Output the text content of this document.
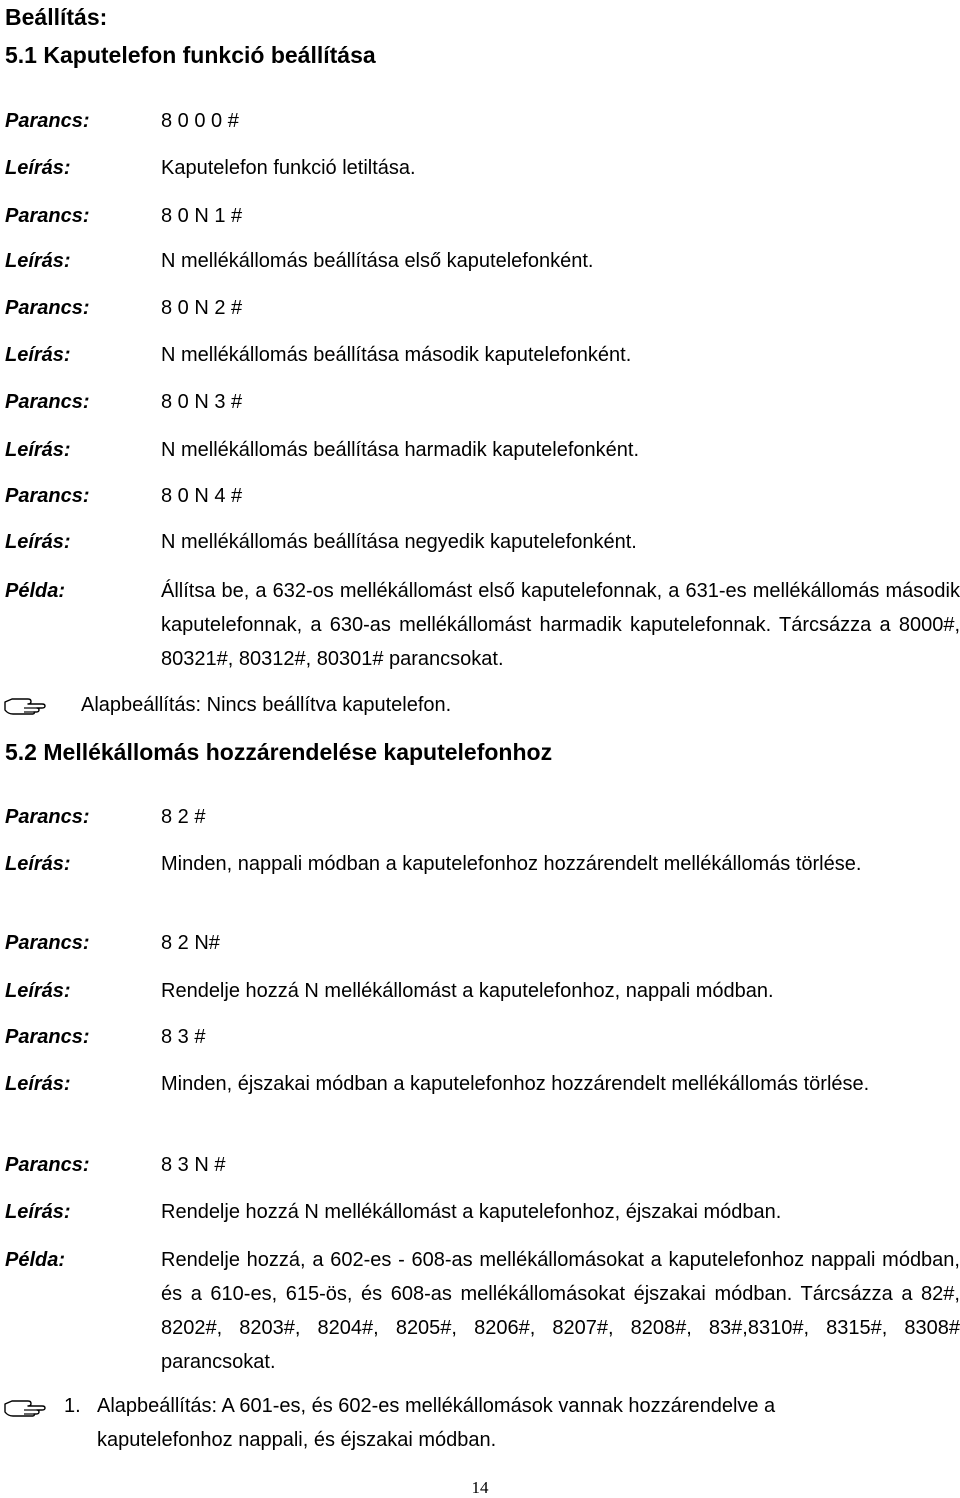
Beállítás:
5.1 Kaputelefon funkció beállítása
Parancs:	8 0 0 0 #
Leírás:	Kaputelefon funkció letiltása.
Parancs:	8 0 N 1 #
Leírás:	N mellékállomás beállítása első kaputelefonként.
Parancs:	8 0 N 2 #
Leírás:	N mellékállomás beállítása második kaputelefonként.
Parancs:	8 0 N 3 #
Leírás:	N mellékállomás beállítása harmadik kaputelefonként.
Parancs:	8 0 N 4 #
Leírás:	N mellékállomás beállítása negyedik kaputelefonként.
Példa:	Állítsa be, a 632-os mellékállomást első kaputelefonnak, a 631-es mellékállomás második kaputelefonnak, a 630-as mellékállomást harmadik kaputelefonnak. Tárcsázza a 8000#, 80321#, 80312#, 80301# parancsokat.
Alapbeállítás: Nincs beállítva kaputelefon.
5.2 Mellékállomás hozzárendelése kaputelefonhoz
Parancs:	8 2 #
Leírás:	Minden, nappali módban a kaputelefonhoz hozzárendelt mellékállomás törlése.
Parancs:	8 2 N#
Leírás:	Rendelje hozzá N mellékállomást a kaputelefonhoz, nappali módban.
Parancs:	8 3 #
Leírás:	Minden, éjszakai módban a kaputelefonhoz hozzárendelt mellékállomás törlése.
Parancs:	8 3 N #
Leírás:	Rendelje hozzá N mellékállomást a kaputelefonhoz, éjszakai módban.
Példa:	Rendelje hozzá, a 602-es - 608-as mellékállomásokat a kaputelefonhoz nappali módban, és a 610-es, 615-ös, és 608-as mellékállomásokat éjszakai módban. Tárcsázza a 82#, 8202#, 8203#, 8204#, 8205#, 8206#, 8207#, 8208#, 83#,8310#, 8315#, 8308# parancsokat.
1. Alapbeállítás: A 601-es, és 602-es mellékállomások vannak hozzárendelve a kaputelefonhoz nappali, és éjszakai módban.
14
